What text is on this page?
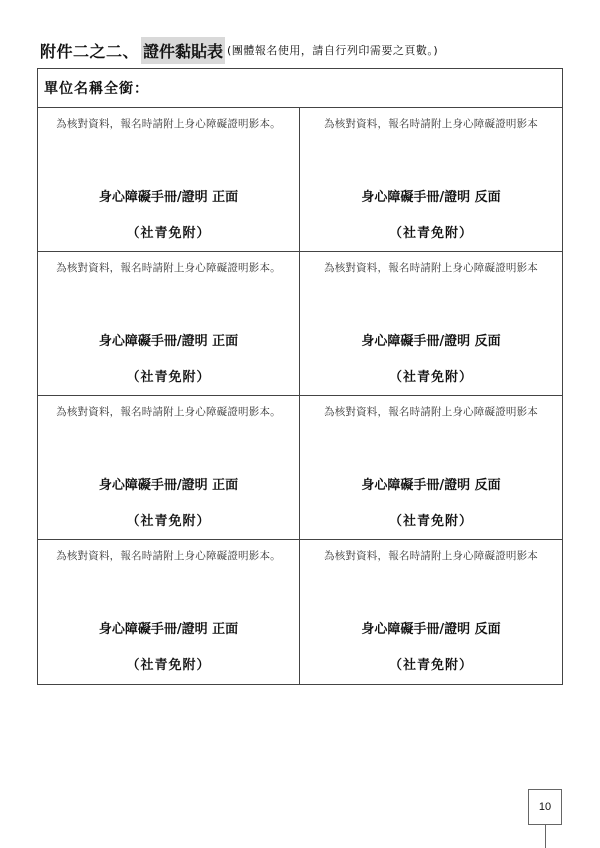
附件二之二、 證件黏貼表 (團體報名使用，請自行列印需要之頁數。)
單位名稱全銜：
為核對資料，報名時請附上身心障礙證明影本。
身心障礙手冊/證明 正面
（社青免附）
為核對資料，報名時請附上身心障礙證明影本
身心障礙手冊/證明 反面
（社青免附）
為核對資料，報名時請附上身心障礙證明影本。
身心障礙手冊/證明 正面
（社青免附）
為核對資料，報名時請附上身心障礙證明影本
身心障礙手冊/證明 反面
（社青免附）
為核對資料，報名時請附上身心障礙證明影本。
身心障礙手冊/證明 正面
（社青免附）
為核對資料，報名時請附上身心障礙證明影本
身心障礙手冊/證明 反面
（社青免附）
為核對資料，報名時請附上身心障礙證明影本。
身心障礙手冊/證明 正面
（社青免附）
為核對資料，報名時請附上身心障礙證明影本
身心障礙手冊/證明 反面
（社青免附）
10
